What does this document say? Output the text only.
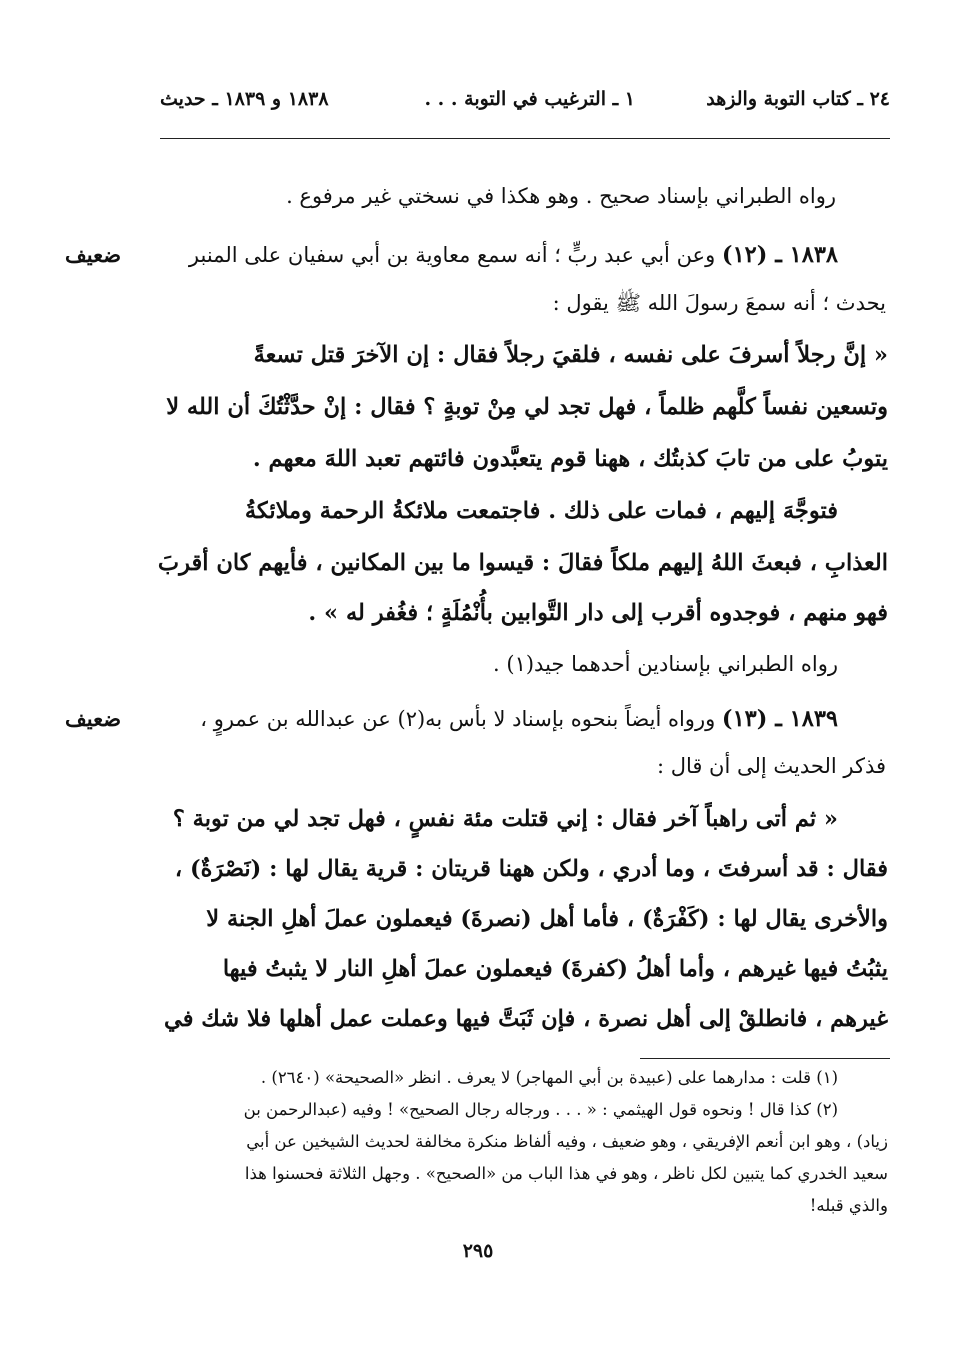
٢٤ ـ كتاب التوبة والزهد
١ ـ الترغيب في التوبة . . .
١٨٣٨ و ١٨٣٩ ـ حديث
رواه الطبراني بإسناد صحيح . وهو هكذا في نسختي غير مرفوع .
ضعيف	١٨٣٨ ـ (١٢) وعن أبي عبد ربٍّ ؛ أنه سمع معاوية بن أبي سفيان على المنبر
يحدث ؛ أنه سمعَ رسولَ الله ﷺ يقول :
« إنَّ رجلاً أسرفَ على نفسه ، فلقيَ رجلاً فقال : إن الآخرَ قتل تسعةً
وتسعين نفساً كلَّهم ظلماً ، فهل تجد لي مِنْ توبةٍ ؟ فقال : إنْ حدَّثْتُكَ أن الله لا
يتوبُ على من تابَ كذبتُك ، ههنا قوم يتعبَّدون فائتهم تعبد اللهَ معهم .
فتوجَّهَ إليهم ، فمات على ذلك . فاجتمعت ملائكةُ الرحمة وملائكةُ
العذابِ ، فبعثَ اللهُ إليهم ملكاً فقالَ : قيسوا ما بين المكانين ، فأيهم كان أقربَ
فهو منهم ، فوجدوه أقرب إلى دار التَّوابين بأُنْمُلَةٍ ؛ فغُفر له » .
رواه الطبراني بإسنادين أحدهما جيد(١) .
ضعيف	١٨٣٩ ـ (١٣) ورواه أيضاً بنحوه بإسناد لا بأس به(٢) عن عبدالله بن عمروٍ ،
فذكر الحديث إلى أن قال :
« ثم أتى راهباً آخر فقال : إني قتلت مئة نفسٍ ، فهل تجد لي من توبة ؟
فقال : قد أسرفتَ ، وما أدري ، ولكن ههنا قريتان : قرية يقال لها : (نَصْرَةٌ) ،
والأخرى يقال لها : (كَفْرَةٌ) ، فأما أهل (نصرةَ) فيعملون عملَ أهلِ الجنة لا
يثبُتُ فيها غيرهم ، وأما أهلُ (كفرةَ) فيعملون عملَ أهلِ النار لا يثبتُ فيها
غيرهم ، فانطلقْ إلى أهل نصرة ، فإن ثَبَتَّ فيها وعملت عمل أهلها فلا شك في
(١) قلت : مدارهما على (عبيدة بن أبي المهاجر) لا يعرف . انظر «الصحيحة» (٢٦٤٠) .
(٢) كذا قال ! ونحوه قول الهيثمي : « . . . ورجاله رجال الصحيح» ! وفيه (عبدالرحمن بن
زياد) ، وهو ابن أنعم الإفريقي ، وهو ضعيف ، وفيه ألفاظ منكرة مخالفة لحديث الشيخين عن أبي
سعيد الخدري كما يتبين لكل ناظر ، وهو في هذا الباب من «الصحيح» . وجهل الثلاثة فحسنوا هذا
والذي قبله!
٢٩٥
